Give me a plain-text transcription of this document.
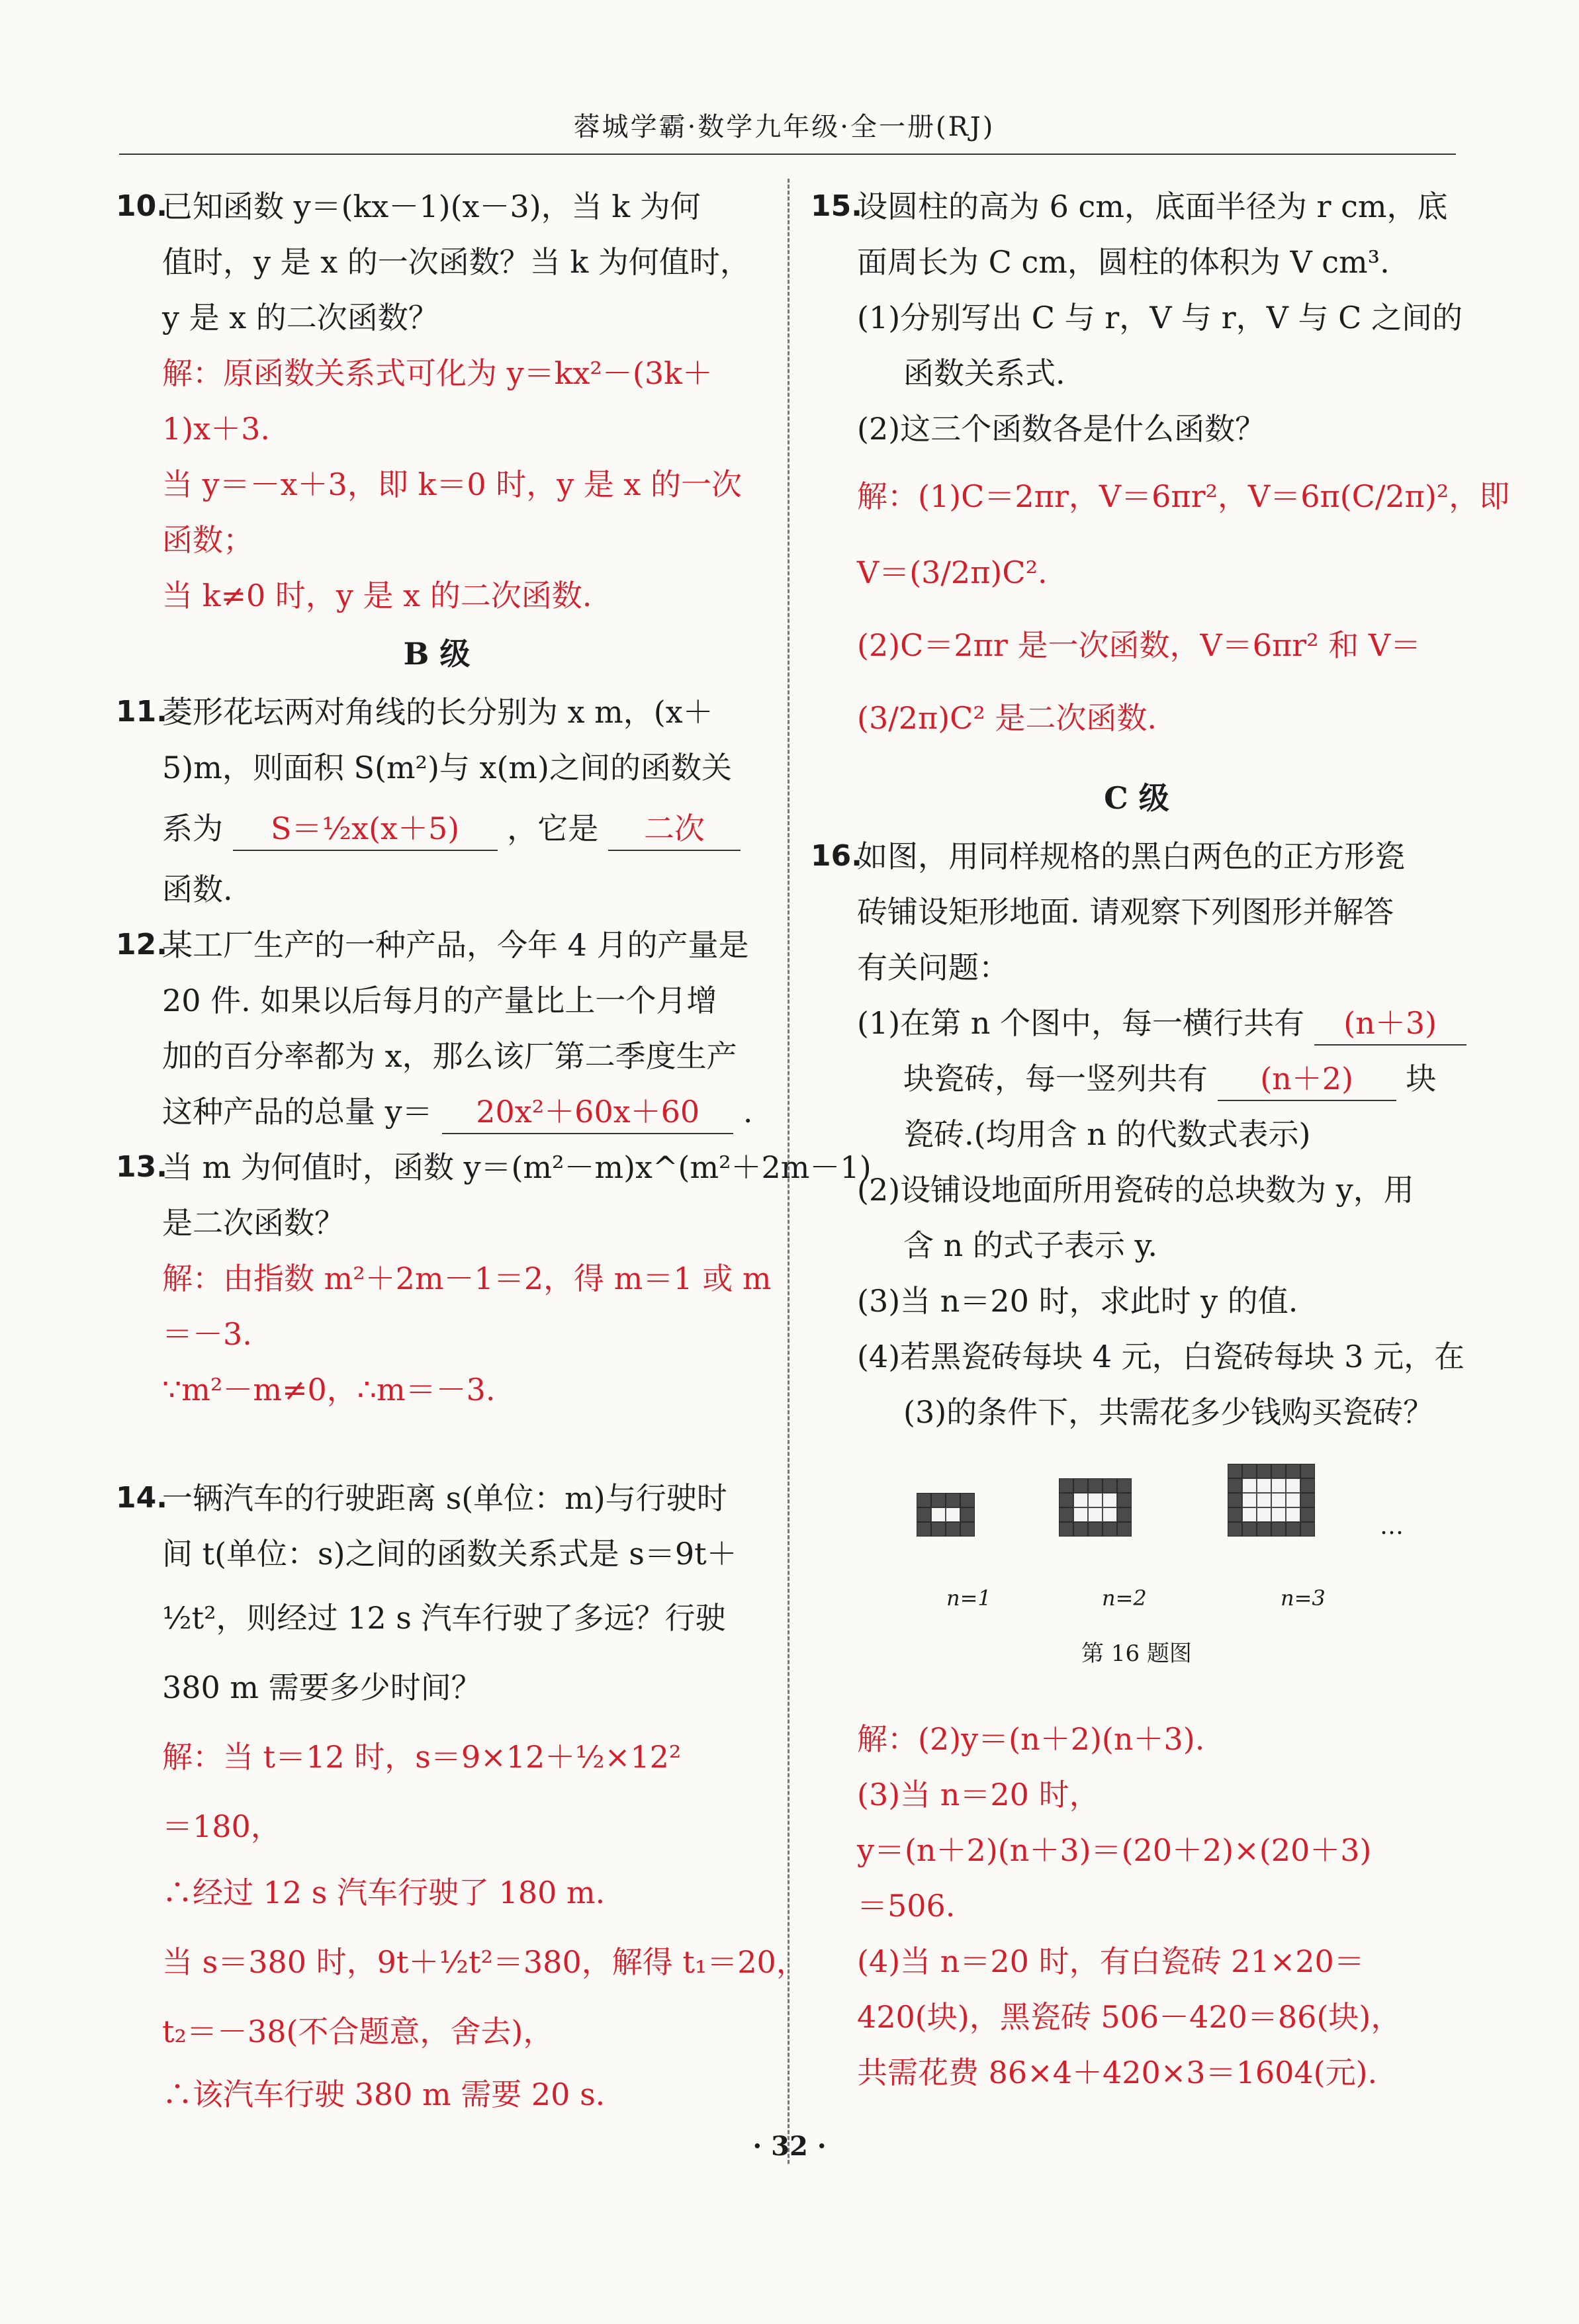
蓉城学霸·数学九年级·全一册(RJ)
10.
已知函数 y＝(kx－1)(x－3)，当 k 为何
值时，y 是 x 的一次函数？当 k 为何值时，
y 是 x 的二次函数？
解：原函数关系式可化为 y＝kx²－(3k＋
1)x＋3.
当 y＝－x＋3，即 k＝0 时，y 是 x 的一次
函数；
当 k≠0 时，y 是 x 的二次函数.
B 级
11.
菱形花坛两对角线的长分别为 x m，(x＋
5)m，则面积 S(m²)与 x(m)之间的函数关
系为 S＝½x(x＋5) ，它是 二次
函数.
12.
某工厂生产的一种产品，今年 4 月的产量是
20 件. 如果以后每月的产量比上一个月增
加的百分率都为 x，那么该厂第二季度生产
这种产品的总量 y＝ 20x²＋60x＋60 .
13.
当 m 为何值时，函数 y＝(m²－m)x^(m²＋2m－1)
是二次函数？
解：由指数 m²＋2m－1＝2，得 m＝1 或 m
＝－3.
∵m²－m≠0，∴m＝－3.
14.
一辆汽车的行驶距离 s(单位：m)与行驶时
间 t(单位：s)之间的函数关系式是 s＝9t＋
½t²，则经过 12 s 汽车行驶了多远？行驶
380 m 需要多少时间？
解：当 t＝12 时，s＝9×12＋½×12²
＝180，
∴经过 12 s 汽车行驶了 180 m.
当 s＝380 时，9t＋½t²＝380，解得 t₁＝20，
t₂＝－38(不合题意，舍去)，
∴该汽车行驶 380 m 需要 20 s.
15.
设圆柱的高为 6 cm，底面半径为 r cm，底
面周长为 C cm，圆柱的体积为 V cm³.
(1)分别写出 C 与 r，V 与 r，V 与 C 之间的
函数关系式.
(2)这三个函数各是什么函数？
解：(1)C＝2πr，V＝6πr²，V＝6π(C/2π)²，即
V＝(3/2π)C².
(2)C＝2πr 是一次函数，V＝6πr² 和 V＝
(3/2π)C² 是二次函数.
C 级
16.
如图，用同样规格的黑白两色的正方形瓷
砖铺设矩形地面. 请观察下列图形并解答
有关问题：
(1)在第 n 个图中，每一横行共有 (n＋3)
块瓷砖，每一竖列共有 (n＋2) 块
瓷砖.(均用含 n 的代数式表示)
(2)设铺设地面所用瓷砖的总块数为 y，用
含 n 的式子表示 y.
(3)当 n＝20 时，求此时 y 的值.
(4)若黑瓷砖每块 4 元，白瓷砖每块 3 元，在
(3)的条件下，共需花多少钱购买瓷砖？
…
n=1	n=2	n=3
第 16 题图
解：(2)y＝(n＋2)(n＋3).
(3)当 n＝20 时，
y＝(n＋2)(n＋3)＝(20＋2)×(20＋3)
＝506.
(4)当 n＝20 时，有白瓷砖 21×20＝
420(块)，黑瓷砖 506－420＝86(块)，
共需花费 86×4＋420×3＝1604(元).
· 32 ·
